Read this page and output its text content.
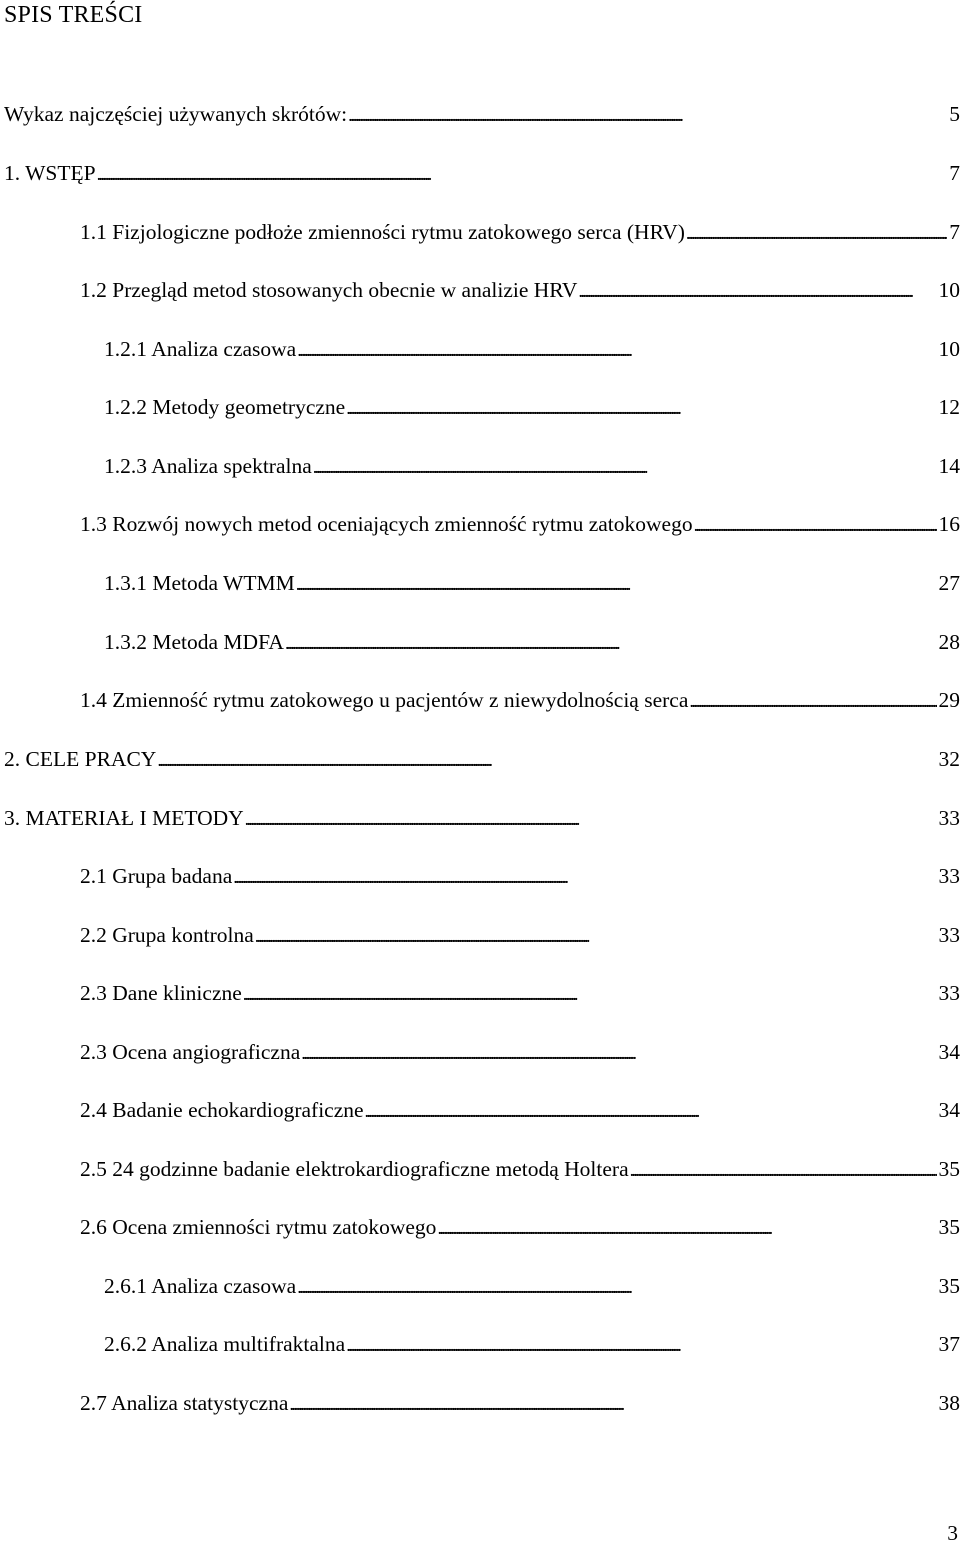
SPIS TREŚCI
Wykaz najczęściej używanych skrótów: . . .	5
1. WSTĘP . . .	7
1.1 Fizjologiczne podłoże zmienności rytmu zatokowego serca (HRV) . . .	7
1.2 Przegląd metod stosowanych obecnie w analizie HRV . . .	10
1.2.1 Analiza czasowa . . .	10
1.2.2 Metody geometryczne . . .	12
1.2.3 Analiza spektralna . . .	14
1.3 Rozwój nowych metod oceniających zmienność rytmu zatokowego . . .	16
1.3.1 Metoda WTMM . . .	27
1.3.2 Metoda MDFA . . .	28
1.4 Zmienność rytmu zatokowego u pacjentów z niewydolnością serca . . .	29
2. CELE PRACY . . .	32
3. MATERIAŁ I METODY . . .	33
2.1 Grupa badana . . .	33
2.2 Grupa kontrolna . . .	33
2.3 Dane kliniczne . . .	33
2.3 Ocena angiograficzna . . .	34
2.4 Badanie echokardiograficzne . . .	34
2.5 24 godzinne badanie elektrokardiograficzne metodą Holtera . . .	35
2.6 Ocena zmienności rytmu zatokowego . . .	35
2.6.1 Analiza czasowa . . .	35
2.6.2 Analiza multifraktalna . . .	37
2.7 Analiza statystyczna . . .	38
3
